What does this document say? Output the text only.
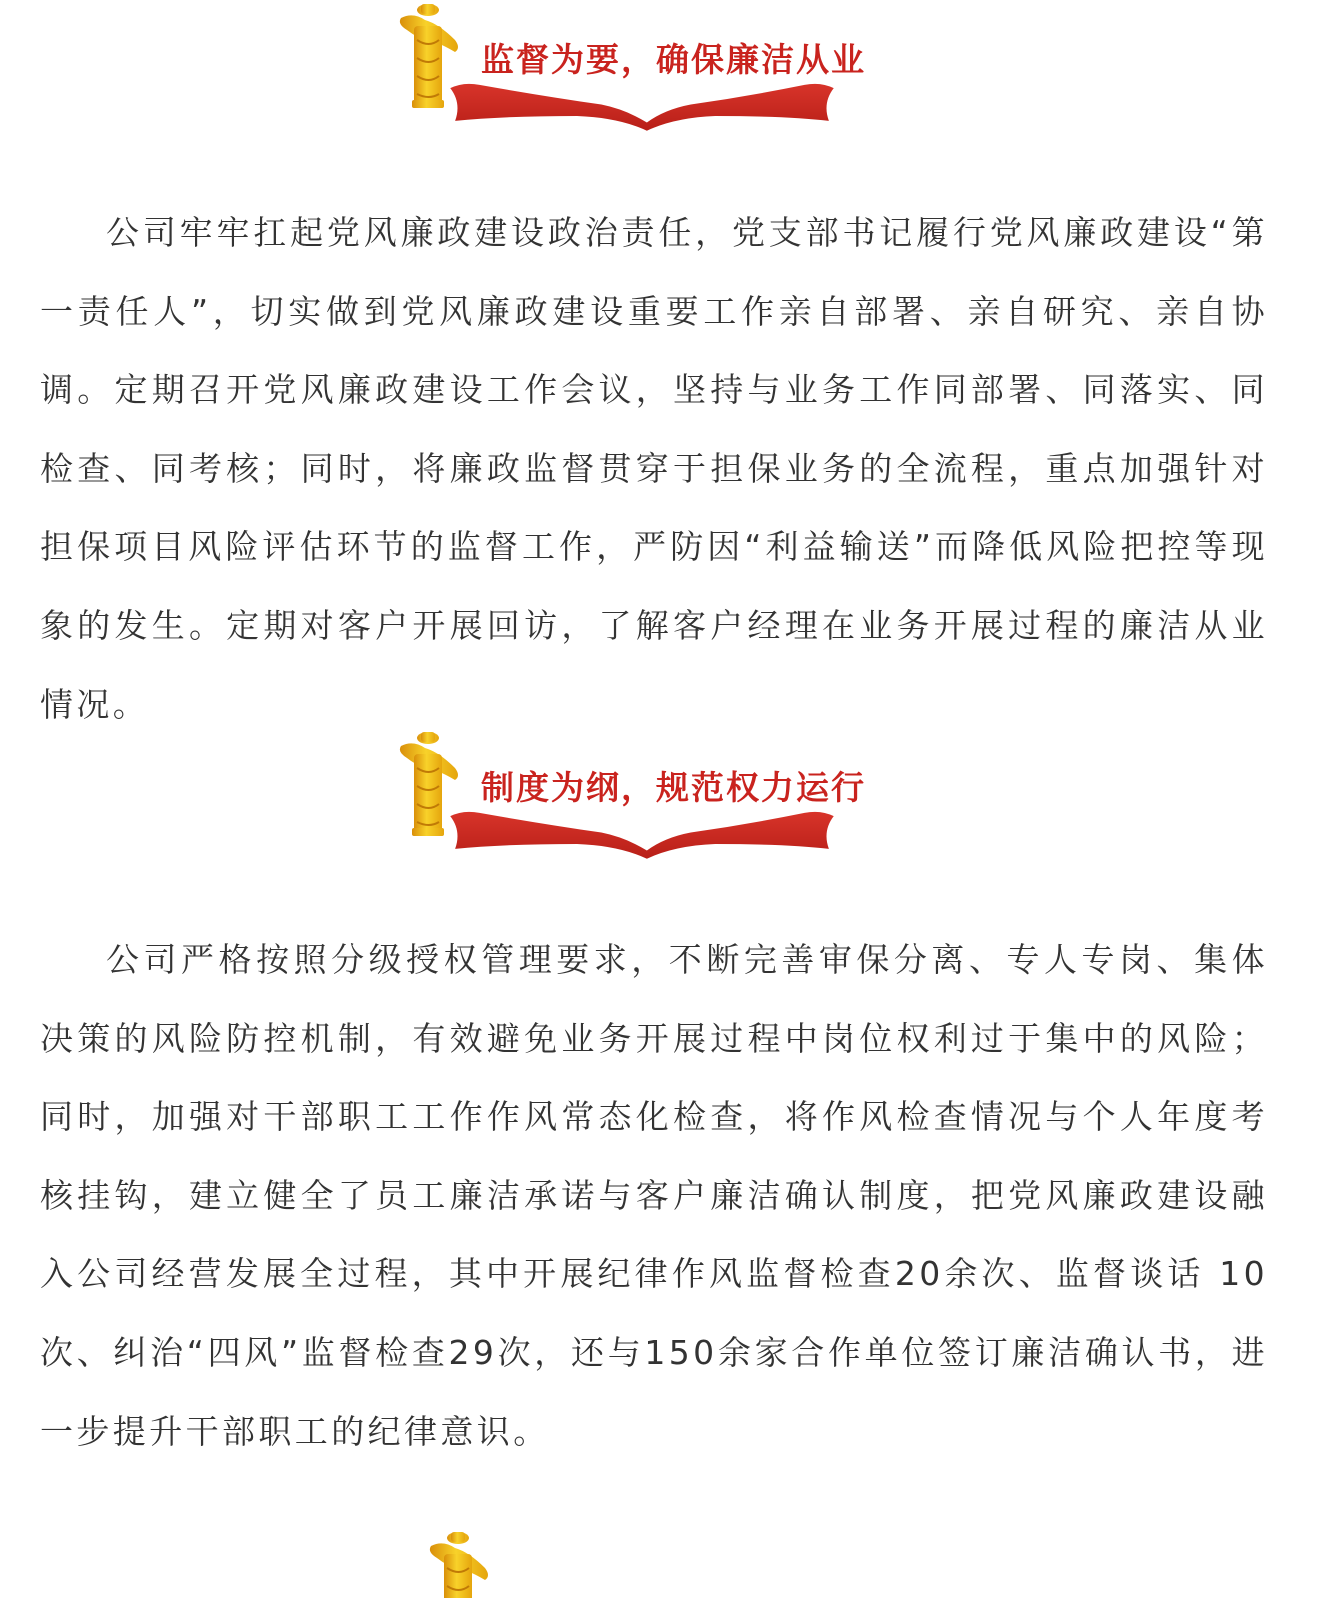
监督为要，确保廉洁从业

公司牢牢扛起党风廉政建设政治责任，党支部书记履行党风廉政建设“第一责任人”，切实做到党风廉政建设重要工作亲自部署、亲自研究、亲自协调。定期召开党风廉政建设工作会议，坚持与业务工作同部署、同落实、同检查、同考核；同时，将廉政监督贯穿于担保业务的全流程，重点加强针对担保项目风险评估环节的监督工作，严防因“利益输送”而降低风险把控等现象的发生。定期对客户开展回访，了解客户经理在业务开展过程的廉洁从业情况。

制度为纲，规范权力运行

公司严格按照分级授权管理要求，不断完善审保分离、专人专岗、集体决策的风险防控机制，有效避免业务开展过程中岗位权利过于集中的风险；同时，加强对干部职工工作作风常态化检查，将作风检查情况与个人年度考核挂钩，建立健全了员工廉洁承诺与客户廉洁确认制度，把党风廉政建设融入公司经营发展全过程，其中开展纪律作风监督检查20余次、监督谈话 10次、纠治“四风”监督检查29次，还与150余家合作单位签订廉洁确认书，进一步提升干部职工的纪律意识。
